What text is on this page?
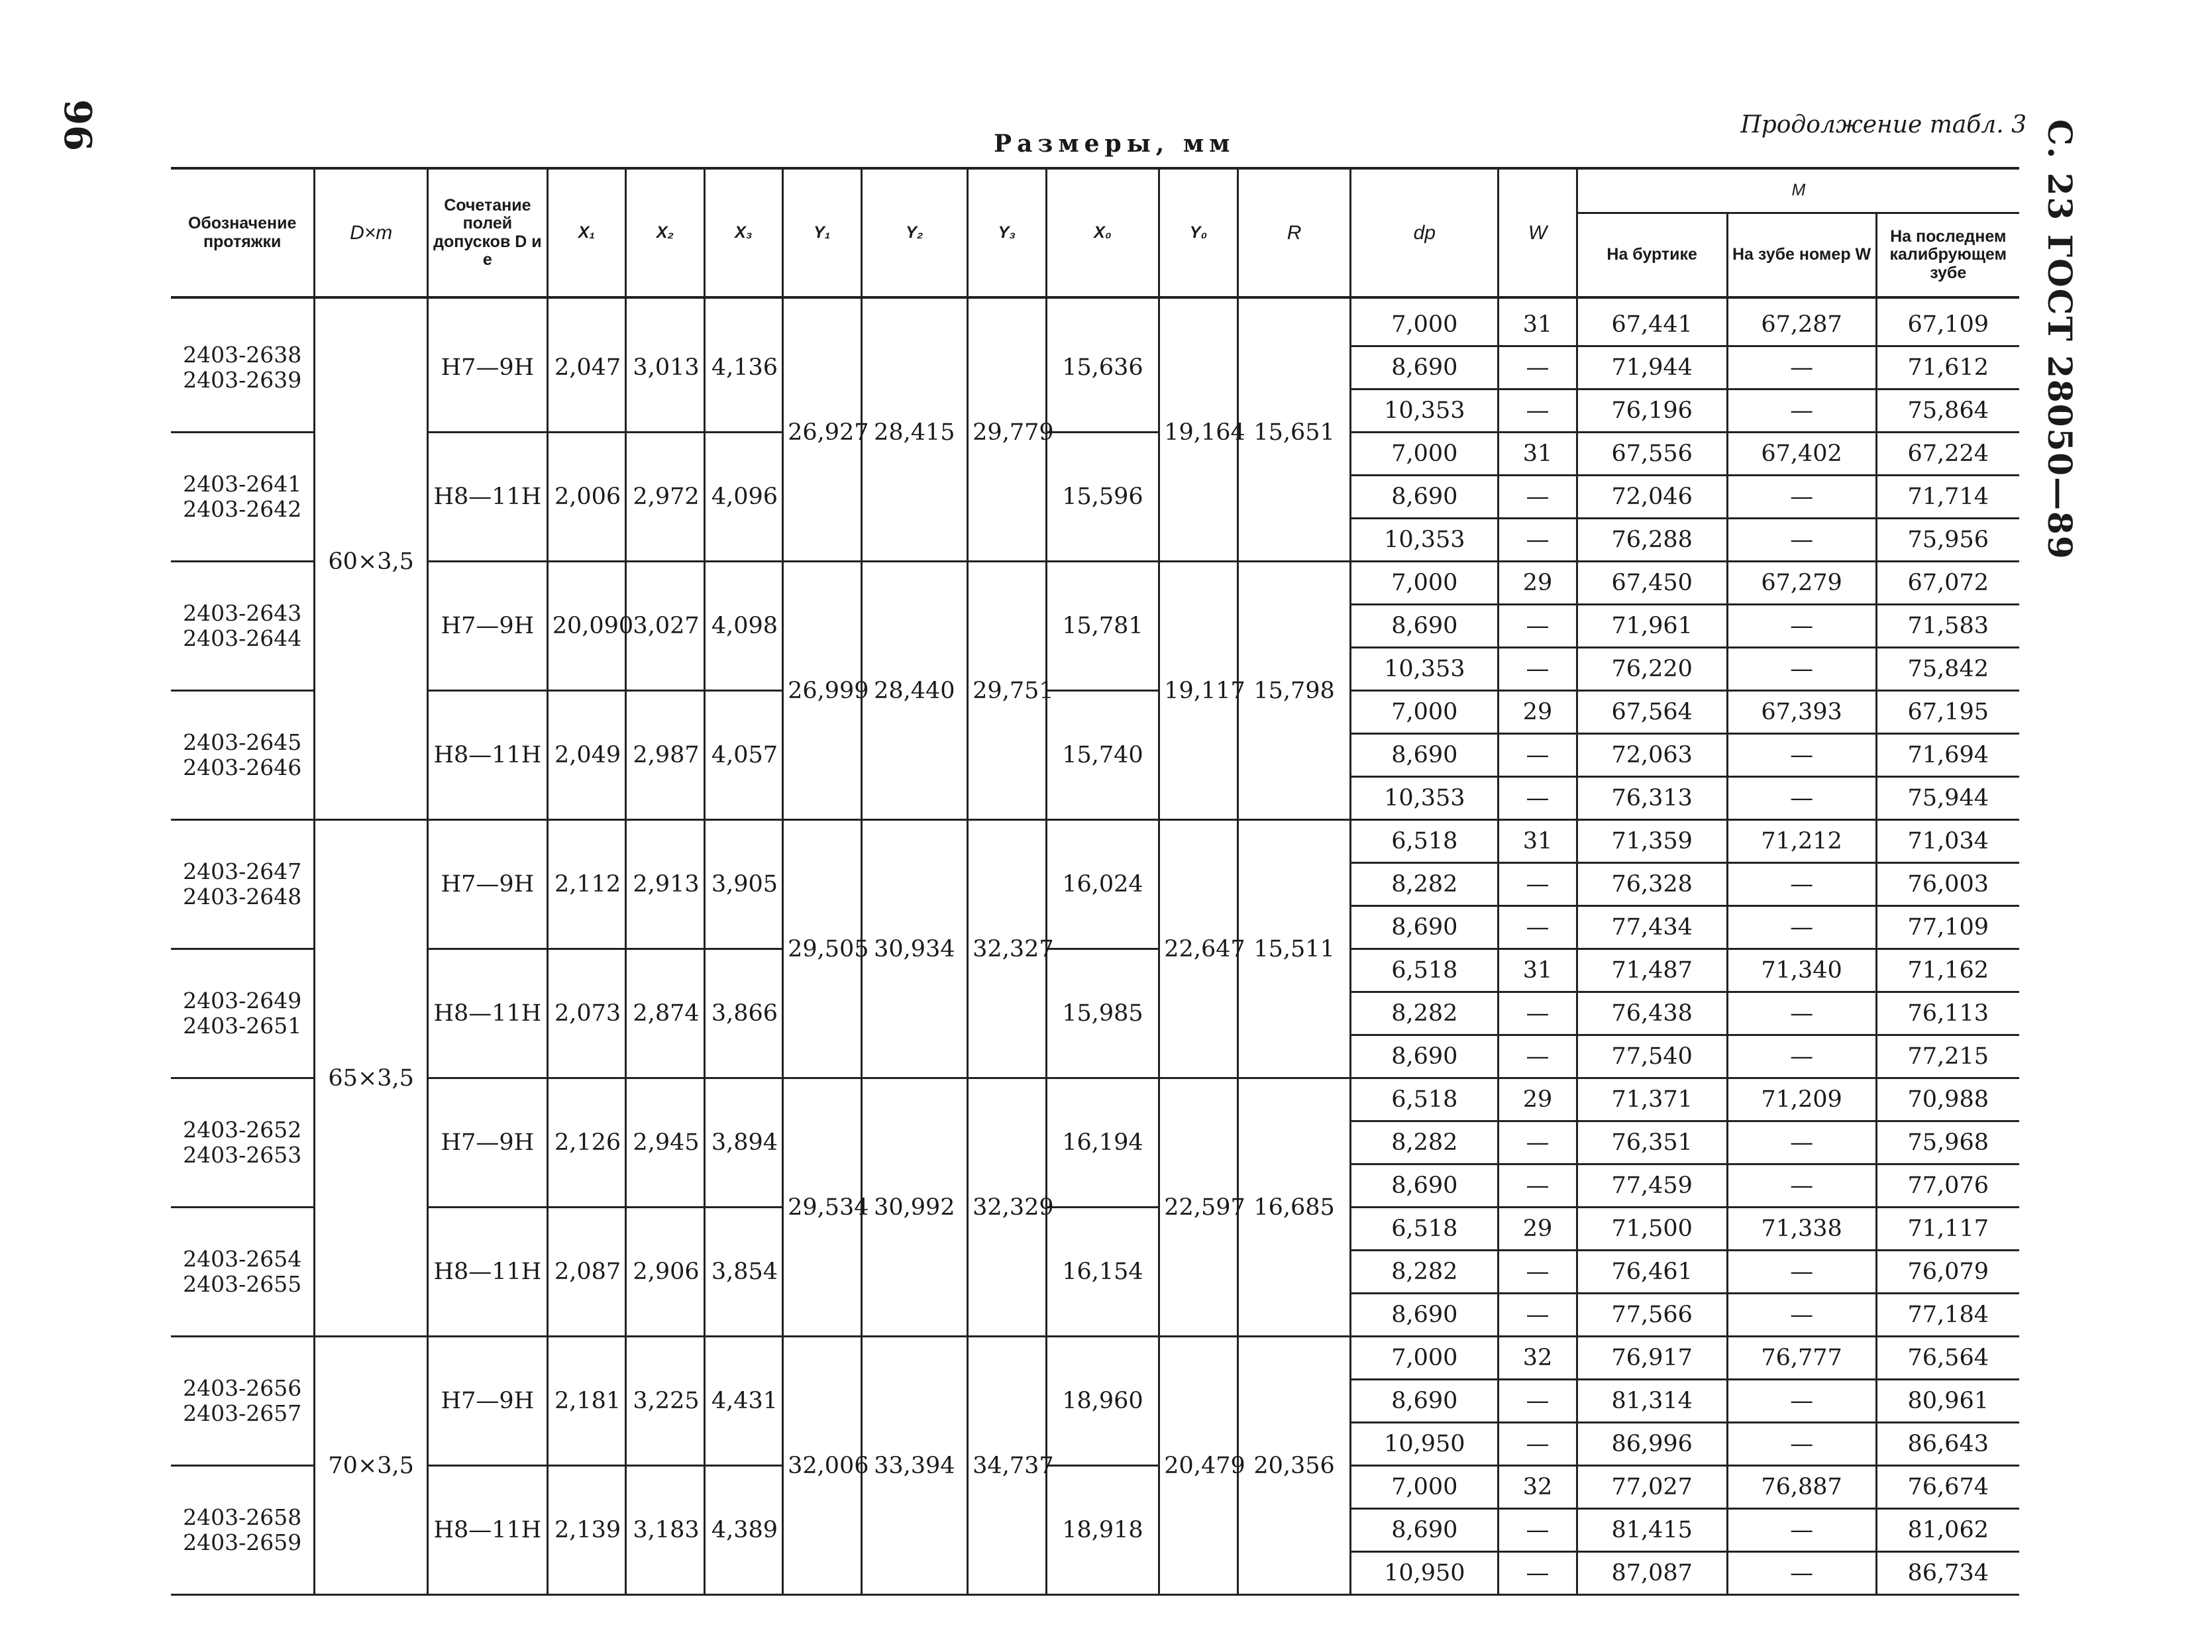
96	С. 23 ГОСТ 28050—89
Продолжение табл. 3
Размеры, мм
Обозначение протяжки	D×m	Сочетание полей допусков D и e	X₁	X₂	X₃	Y₁	Y₂	Y₃	X₀	Y₀	R	dр	W	M		
														На буртике	На зубе номер W	На последнем калибрующем зубе
2403-2638
2403-2639	60×3,5	H7—9H	2,047	3,013	4,136	26,927	28,415	29,779	15,636	19,164	15,651	7,000	31	67,441	67,287	67,109
												8,690	—	71,944	—	71,612
												10,353	—	76,196	—	75,864
2403-2641
2403-2642		H8—11H	2,006	2,972	4,096				15,596			7,000	31	67,556	67,402	67,224
												8,690	—	72,046	—	71,714
												10,353	—	76,288	—	75,956
2403-2643
2403-2644		H7—9H	20,090	3,027	4,098	26,999	28,440	29,751	15,781	19,117	15,798	7,000	29	67,450	67,279	67,072
												8,690	—	71,961	—	71,583
												10,353	—	76,220	—	75,842
2403-2645
2403-2646		H8—11H	2,049	2,987	4,057				15,740			7,000	29	67,564	67,393	67,195
												8,690	—	72,063	—	71,694
												10,353	—	76,313	—	75,944
2403-2647
2403-2648	65×3,5	H7—9H	2,112	2,913	3,905	29,505	30,934	32,327	16,024	22,647	15,511	6,518	31	71,359	71,212	71,034
												8,282	—	76,328	—	76,003
												8,690	—	77,434	—	77,109
2403-2649
2403-2651		H8—11H	2,073	2,874	3,866				15,985			6,518	31	71,487	71,340	71,162
												8,282	—	76,438	—	76,113
												8,690	—	77,540	—	77,215
2403-2652
2403-2653		H7—9H	2,126	2,945	3,894	29,534	30,992	32,329	16,194	22,597	16,685	6,518	29	71,371	71,209	70,988
												8,282	—	76,351	—	75,968
												8,690	—	77,459	—	77,076
2403-2654
2403-2655		H8—11H	2,087	2,906	3,854				16,154			6,518	29	71,500	71,338	71,117
												8,282	—	76,461	—	76,079
												8,690	—	77,566	—	77,184
2403-2656
2403-2657	70×3,5	H7—9H	2,181	3,225	4,431	32,006	33,394	34,737	18,960	20,479	20,356	7,000	32	76,917	76,777	76,564
												8,690	—	81,314	—	80,961
												10,950	—	86,996	—	86,643
2403-2658
2403-2659		H8—11H	2,139	3,183	4,389				18,918			7,000	32	77,027	76,887	76,674
												8,690	—	81,415	—	81,062
												10,950	—	87,087	—	86,734
